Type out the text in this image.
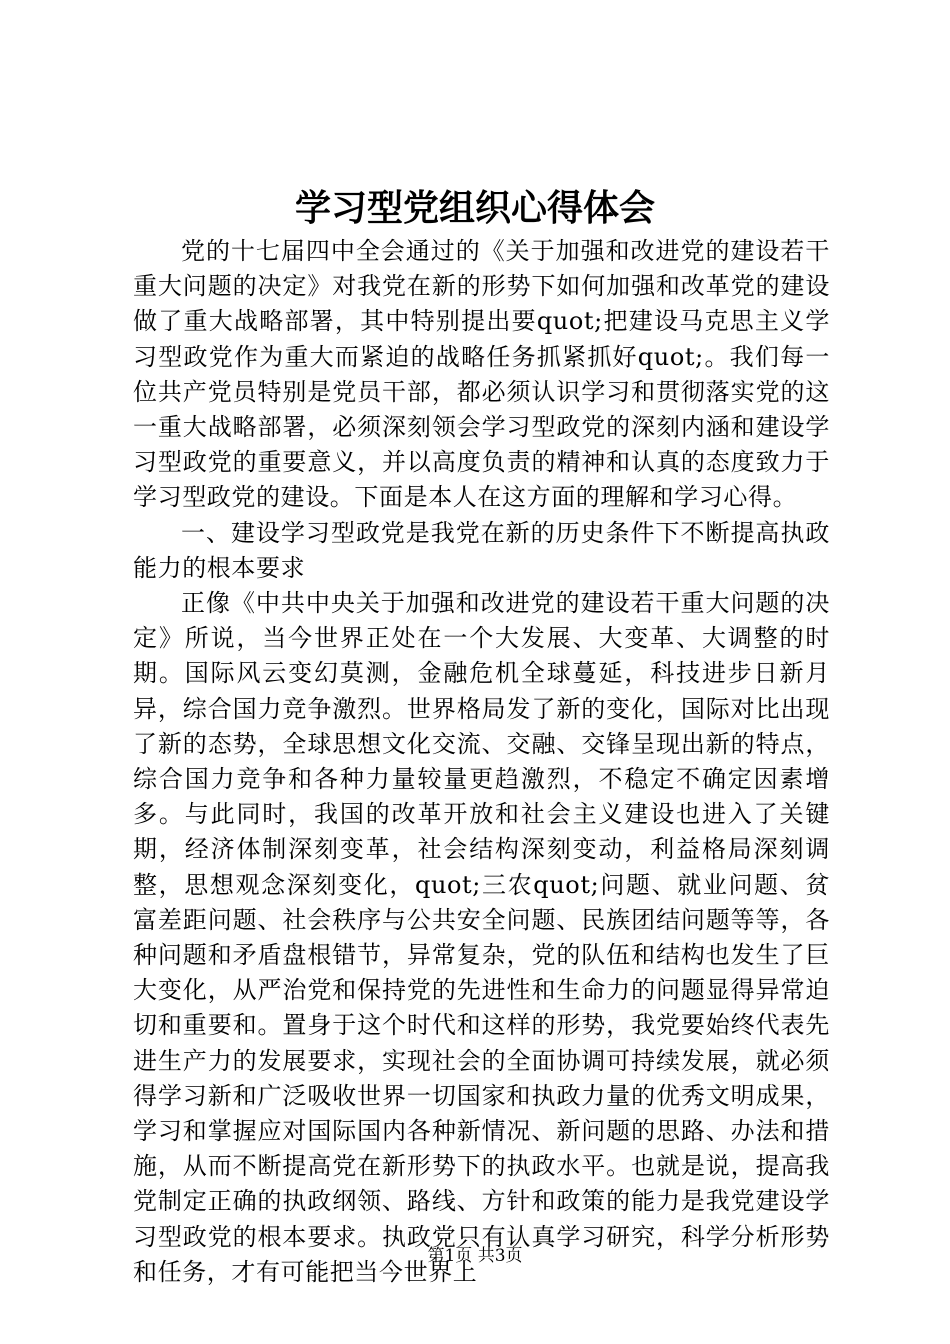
学习型党组织心得体会

党的十七届四中全会通过的《关于加强和改进党的建设若干重大问题的决定》对我党在新的形势下如何加强和改革党的建设做了重大战略部署，其中特别提出要quot;把建设马克思主义学习型政党作为重大而紧迫的战略任务抓紧抓好quot;。我们每一位共产党员特别是党员干部，都必须认识学习和贯彻落实党的这一重大战略部署，必须深刻领会学习型政党的深刻内涵和建设学习型政党的重要意义，并以高度负责的精神和认真的态度致力于学习型政党的建设。下面是本人在这方面的理解和学习心得。

一、建设学习型政党是我党在新的历史条件下不断提高执政能力的根本要求

正像《中共中央关于加强和改进党的建设若干重大问题的决定》所说，当今世界正处在一个大发展、大变革、大调整的时期。国际风云变幻莫测，金融危机全球蔓延，科技进步日新月异，综合国力竞争激烈。世界格局发了新的变化，国际对比出现了新的态势，全球思想文化交流、交融、交锋呈现出新的特点，综合国力竞争和各种力量较量更趋激烈，不稳定不确定因素增多。与此同时，我国的改革开放和社会主义建设也进入了关键期，经济体制深刻变革，社会结构深刻变动，利益格局深刻调整，思想观念深刻变化，quot;三农quot;问题、就业问题、贫富差距问题、社会秩序与公共安全问题、民族团结问题等等，各种问题和矛盾盘根错节，异常复杂，党的队伍和结构也发生了巨大变化，从严治党和保持党的先进性和生命力的问题显得异常迫切和重要和。置身于这个时代和这样的形势，我党要始终代表先进生产力的发展要求，实现社会的全面协调可持续发展，就必须得学习新和广泛吸收世界一切国家和执政力量的优秀文明成果，学习和掌握应对国际国内各种新情况、新问题的思路、办法和措施，从而不断提高党在新形势下的执政水平。也就是说，提高我党制定正确的执政纲领、路线、方针和政策的能力是我党建设学习型政党的根本要求。执政党只有认真学习研究，科学分析形势和任务，才有可能把当今世界上

第1页 共3页
